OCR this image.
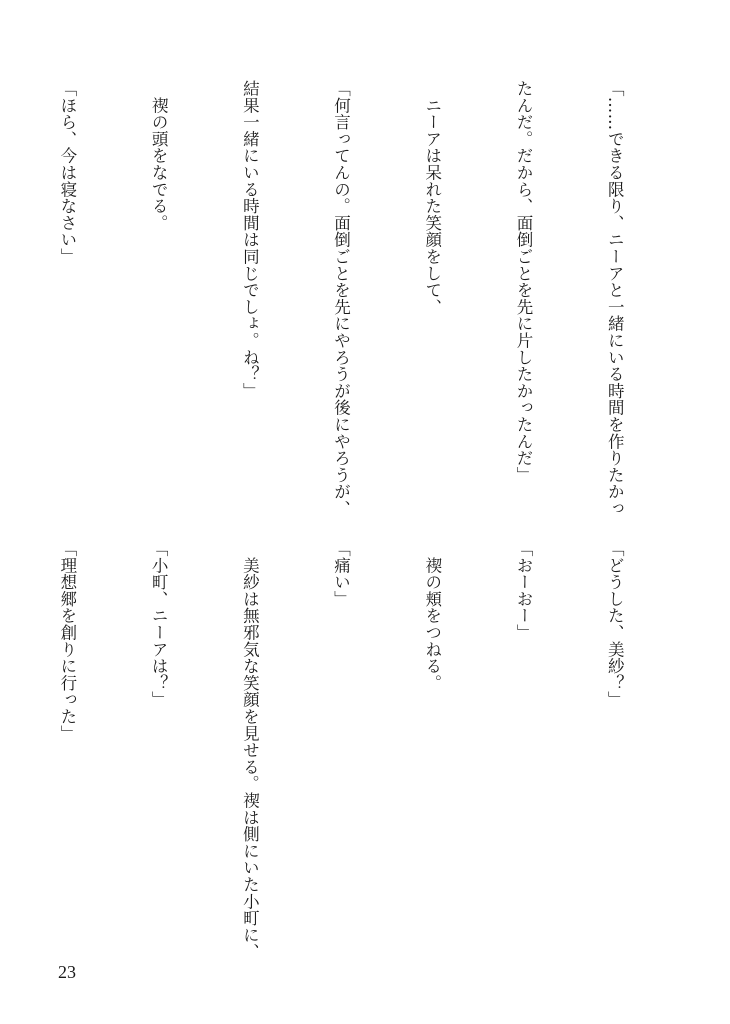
「……できる限り、ニーアと一緒にいる時間を作りたかっ

たんだ。だから、面倒ごとを先に片したかったんだ」

　ニーアは呆れた笑顔をして、

「何言ってんの。面倒ごとを先にやろうが後にやろうが、

結果一緒にいる時間は同じでしょ。ね？」

　禊の頭をなでる。

「ほら、今は寝なさい」

「どうした、美紗？」

「おーおー」

　禊の頬をつねる。

「痛い」

　美紗は無邪気な笑顔を見せる。禊は側にいた小町に、

「小町、ニーアは？」

「理想郷を創りに行った」

23
